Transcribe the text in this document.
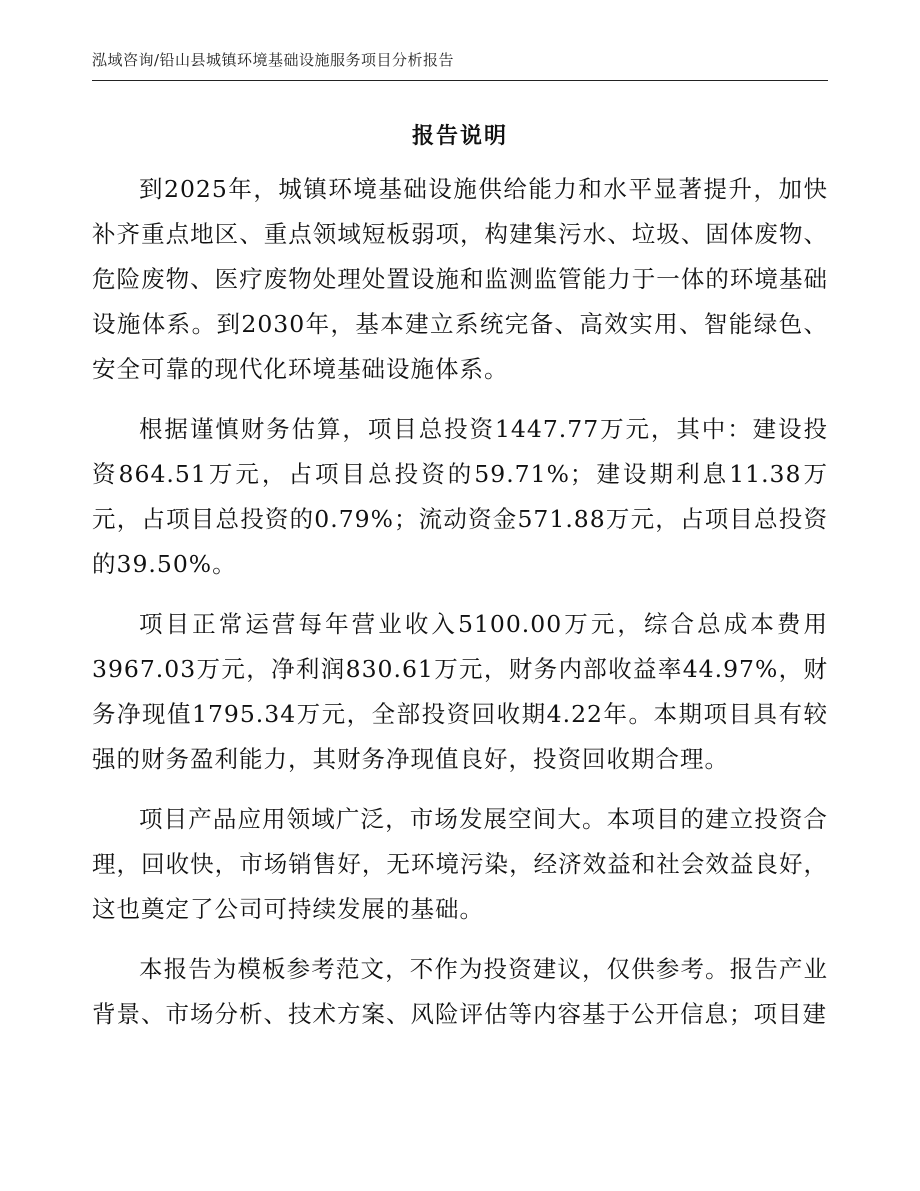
泓域咨询/铅山县城镇环境基础设施服务项目分析报告
报告说明

到2025年，城镇环境基础设施供给能力和水平显著提升，加快补齐重点地区、重点领域短板弱项，构建集污水、垃圾、固体废物、危险废物、医疗废物处理处置设施和监测监管能力于一体的环境基础设施体系。到2030年，基本建立系统完备、高效实用、智能绿色、安全可靠的现代化环境基础设施体系。

根据谨慎财务估算，项目总投资1447.77万元，其中：建设投资864.51万元，占项目总投资的59.71%；建设期利息11.38万元，占项目总投资的0.79%；流动资金571.88万元，占项目总投资的39.50%。

项目正常运营每年营业收入5100.00万元，综合总成本费用3967.03万元，净利润830.61万元，财务内部收益率44.97%，财务净现值1795.34万元，全部投资回收期4.22年。本期项目具有较强的财务盈利能力，其财务净现值良好，投资回收期合理。

项目产品应用领域广泛，市场发展空间大。本项目的建立投资合理，回收快，市场销售好，无环境污染，经济效益和社会效益良好，这也奠定了公司可持续发展的基础。

本报告为模板参考范文，不作为投资建议，仅供参考。报告产业背景、市场分析、技术方案、风险评估等内容基于公开信息；项目建
